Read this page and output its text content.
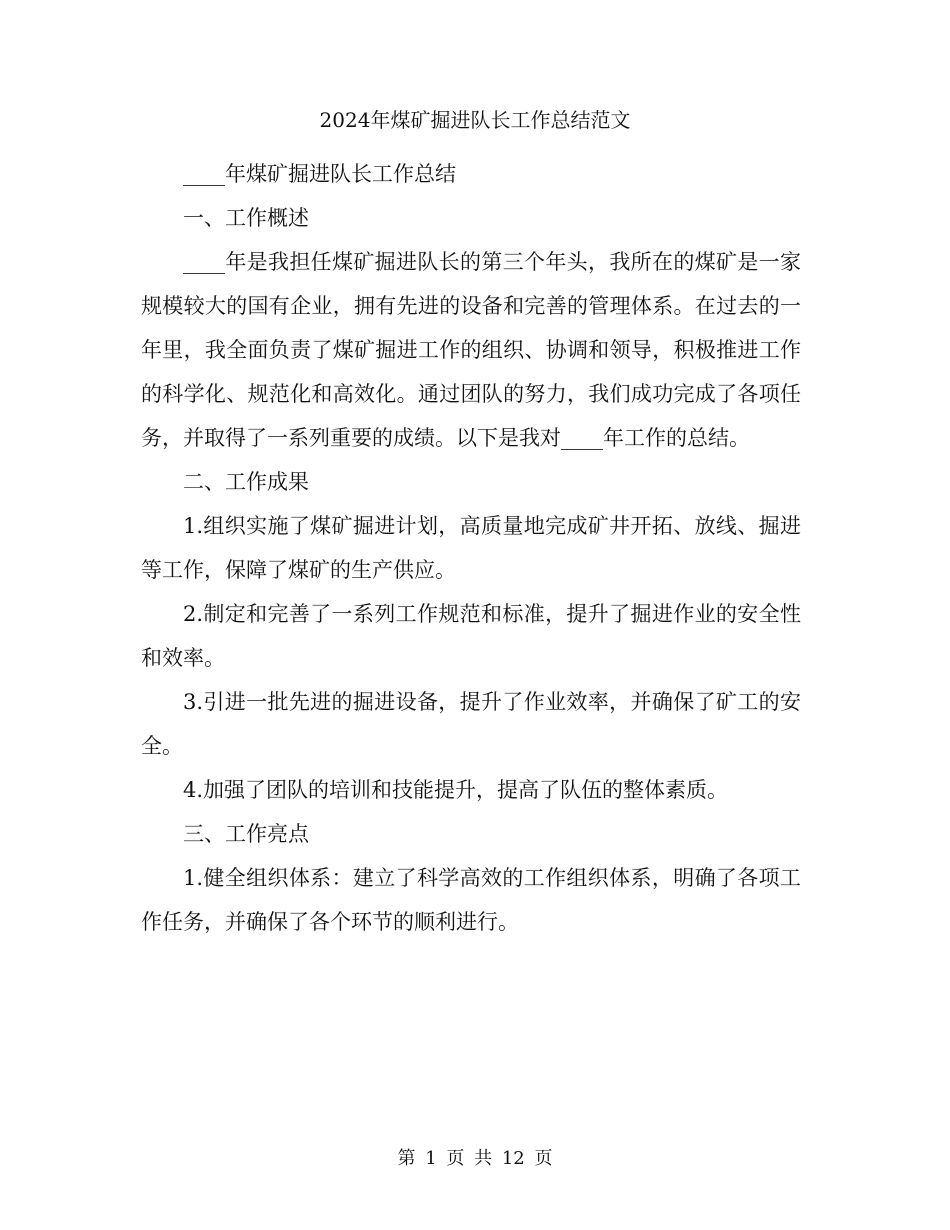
2024年煤矿掘进队长工作总结范文

____年煤矿掘进队长工作总结

一、工作概述

____年是我担任煤矿掘进队长的第三个年头，我所在的煤矿是一家规模较大的国有企业，拥有先进的设备和完善的管理体系。在过去的一年里，我全面负责了煤矿掘进工作的组织、协调和领导，积极推进工作的科学化、规范化和高效化。通过团队的努力，我们成功完成了各项任务，并取得了一系列重要的成绩。以下是我对____年工作的总结。

二、工作成果

1.组织实施了煤矿掘进计划，高质量地完成矿井开拓、放线、掘进等工作，保障了煤矿的生产供应。

2.制定和完善了一系列工作规范和标准，提升了掘进作业的安全性和效率。

3.引进一批先进的掘进设备，提升了作业效率，并确保了矿工的安全。

4.加强了团队的培训和技能提升，提高了队伍的整体素质。

三、工作亮点

1.健全组织体系：建立了科学高效的工作组织体系，明确了各项工作任务，并确保了各个环节的顺利进行。

第 1 页 共 12 页
